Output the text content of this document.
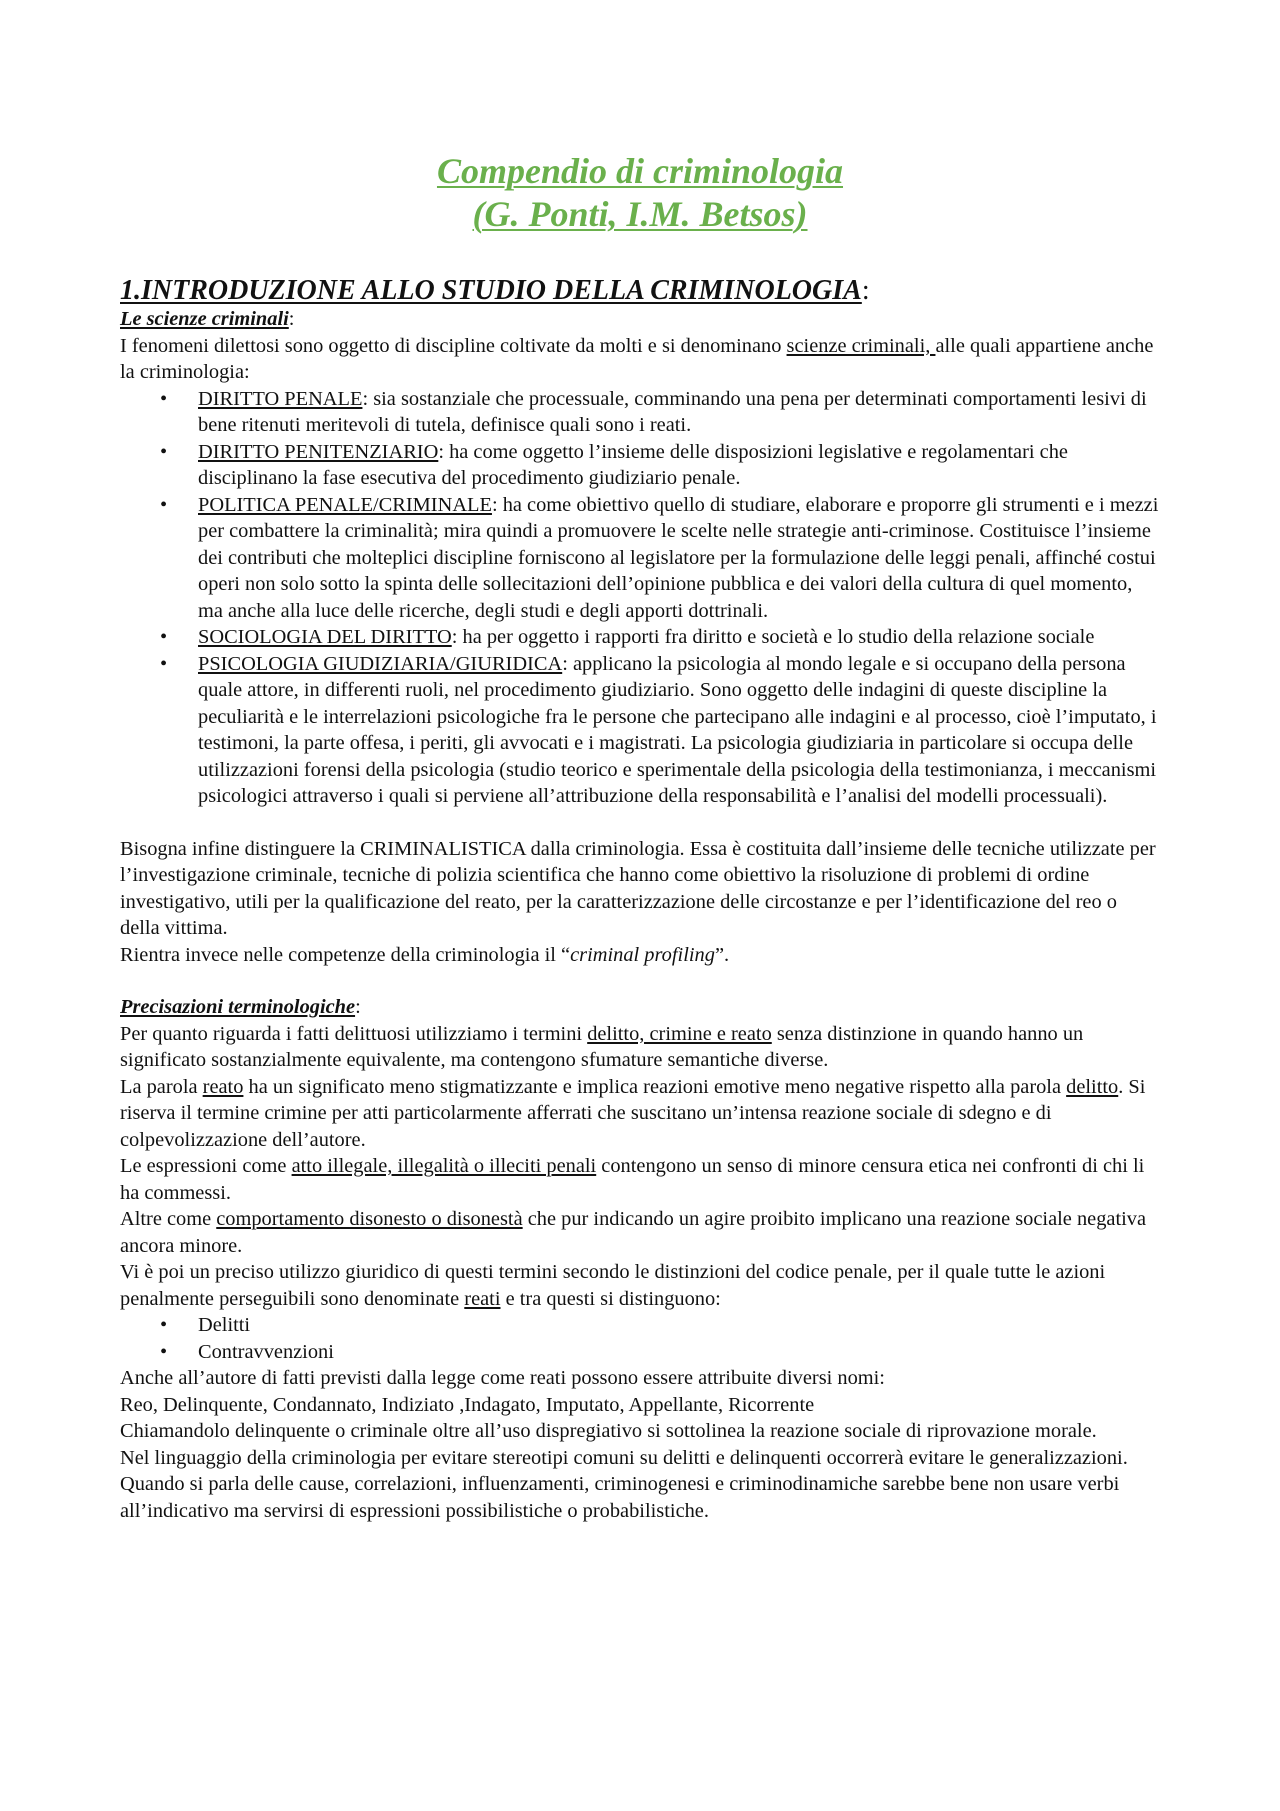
Compendio di criminologia
(G. Ponti, I.M. Betsos)
1.INTRODUZIONE ALLO STUDIO DELLA CRIMINOLOGIA:
Le scienze criminali:

I fenomeni dilettosi sono oggetto di discipline coltivate da molti e si denominano scienze criminali, alle quali appartiene anche la criminologia:

• DIRITTO PENALE: sia sostanziale che processuale, comminando una pena per determinati comportamenti lesivi di bene ritenuti meritevoli di tutela, definisce quali sono i reati.
• DIRITTO PENITENZIARIO: ha come oggetto l’insieme delle disposizioni legislative e regolamentari che disciplinano la fase esecutiva del procedimento giudiziario penale.
• POLITICA PENALE/CRIMINALE: ha come obiettivo quello di studiare, elaborare e proporre gli strumenti e i mezzi per combattere la criminalità; mira quindi a promuovere le scelte nelle strategie anti-criminose. Costituisce l’insieme dei contributi che molteplici discipline forniscono al legislatore per la formulazione delle leggi penali, affinché costui operi non solo sotto la spinta delle sollecitazioni dell’opinione pubblica e dei valori della cultura di quel momento, ma anche alla luce delle ricerche, degli studi e degli apporti dottrinali.
• SOCIOLOGIA DEL DIRITTO: ha per oggetto i rapporti fra diritto e società e lo studio della relazione sociale
• PSICOLOGIA GIUDIZIARIA/GIURIDICA: applicano la psicologia al mondo legale e si occupano della persona quale attore, in differenti ruoli, nel procedimento giudiziario. Sono oggetto delle indagini di queste discipline la peculiarità e le interrelazioni psicologiche fra le persone che partecipano alle indagini e al processo, cioè l’imputato, i testimoni, la parte offesa, i periti, gli avvocati e i magistrati. La psicologia giudiziaria in particolare si occupa delle utilizzazioni forensi della psicologia (studio teorico e sperimentale della psicologia della testimonianza, i meccanismi psicologici attraverso i quali si perviene all’attribuzione della responsabilità e l’analisi del modelli processuali).

Bisogna infine distinguere la CRIMINALISTICA dalla criminologia. Essa è costituita dall’insieme delle tecniche utilizzate per l’investigazione criminale, tecniche di polizia scientifica che hanno come obiettivo la risoluzione di problemi di ordine investigativo, utili per la qualificazione del reato, per la caratterizzazione delle circostanze e per l’identificazione del reo o della vittima.

Rientra invece nelle competenze della criminologia il “criminal profiling”.

Precisazioni terminologiche:

Per quanto riguarda i fatti delittuosi utilizziamo i termini delitto, crimine e reato senza distinzione in quando hanno un significato sostanzialmente equivalente, ma contengono sfumature semantiche diverse.

La parola reato ha un significato meno stigmatizzante e implica reazioni emotive meno negative rispetto alla parola delitto. Si riserva il termine crimine per atti particolarmente afferrati che suscitano un’intensa reazione sociale di sdegno e di colpevolizzazione dell’autore.

Le espressioni come atto illegale, illegalità o illeciti penali contengono un senso di minore censura etica nei confronti di chi li ha commessi.

Altre come comportamento disonesto o disonestà che pur indicando un agire proibito implicano una reazione sociale negativa ancora minore.

Vi è poi un preciso utilizzo giuridico di questi termini secondo le distinzioni del codice penale, per il quale tutte le azioni penalmente perseguibili sono denominate reati e tra questi si distinguono:

• Delitti
• Contravvenzioni

Anche all’autore di fatti previsti dalla legge come reati possono essere attribuite diversi nomi:

Reo, Delinquente, Condannato, Indiziato ,Indagato, Imputato, Appellante, Ricorrente

Chiamandolo delinquente o criminale oltre all’uso dispregiativo si sottolinea la reazione sociale di riprovazione morale.

Nel linguaggio della criminologia per evitare stereotipi comuni su delitti e delinquenti occorrerà evitare le generalizzazioni.

Quando si parla delle cause, correlazioni, influenzamenti, criminogenesi e criminodinamiche sarebbe bene non usare verbi all’indicativo ma servirsi di espressioni possibilistiche o probabilistiche.
